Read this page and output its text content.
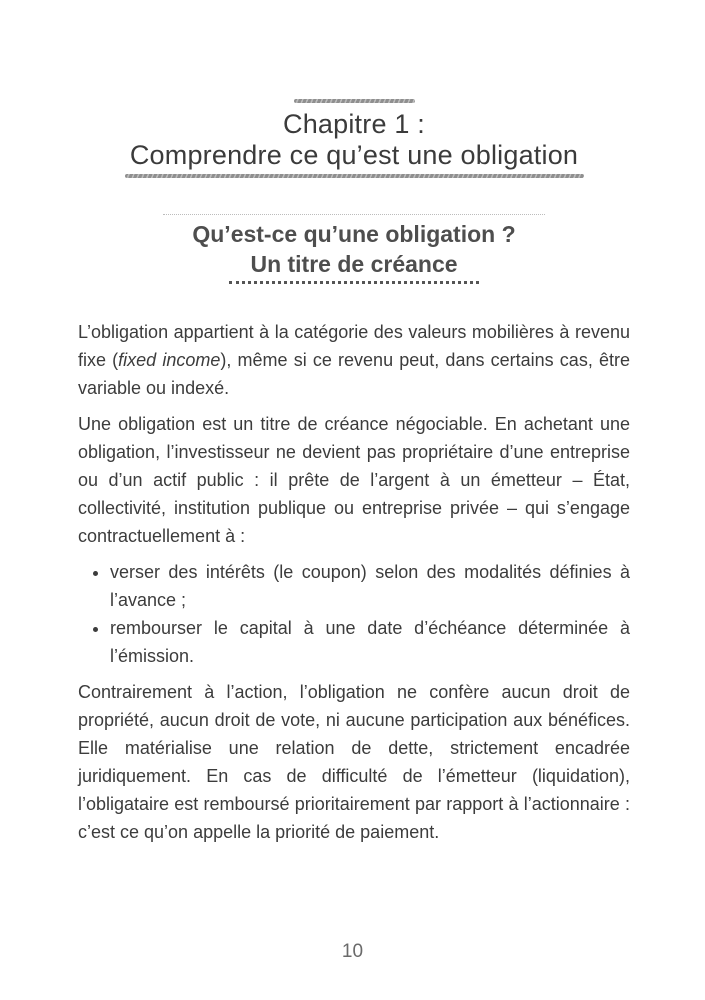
Chapitre 1 :
Comprendre ce qu’est une obligation
Qu’est-ce qu’une obligation ?
Un titre de créance

L’obligation appartient à la catégorie des valeurs mobilières à revenu fixe (fixed income), même si ce revenu peut, dans certains cas, être variable ou indexé.

Une obligation est un titre de créance négociable. En achetant une obligation, l’investisseur ne devient pas propriétaire d’une entreprise ou d’un actif public : il prête de l’argent à un émetteur – État, collectivité, institution publique ou entreprise privée – qui s’engage contractuellement à :

• verser des intérêts (le coupon) selon des modalités définies à l’avance ;
• rembourser le capital à une date d’échéance déterminée à l’émission.

Contrairement à l’action, l’obligation ne confère aucun droit de propriété, aucun droit de vote, ni aucune participation aux bénéfices. Elle matérialise une relation de dette, strictement encadrée juridiquement. En cas de difficulté de l’émetteur (liquidation), l’obligataire est remboursé prioritairement par rapport à l’actionnaire : c’est ce qu’on appelle la priorité de paiement.

10
